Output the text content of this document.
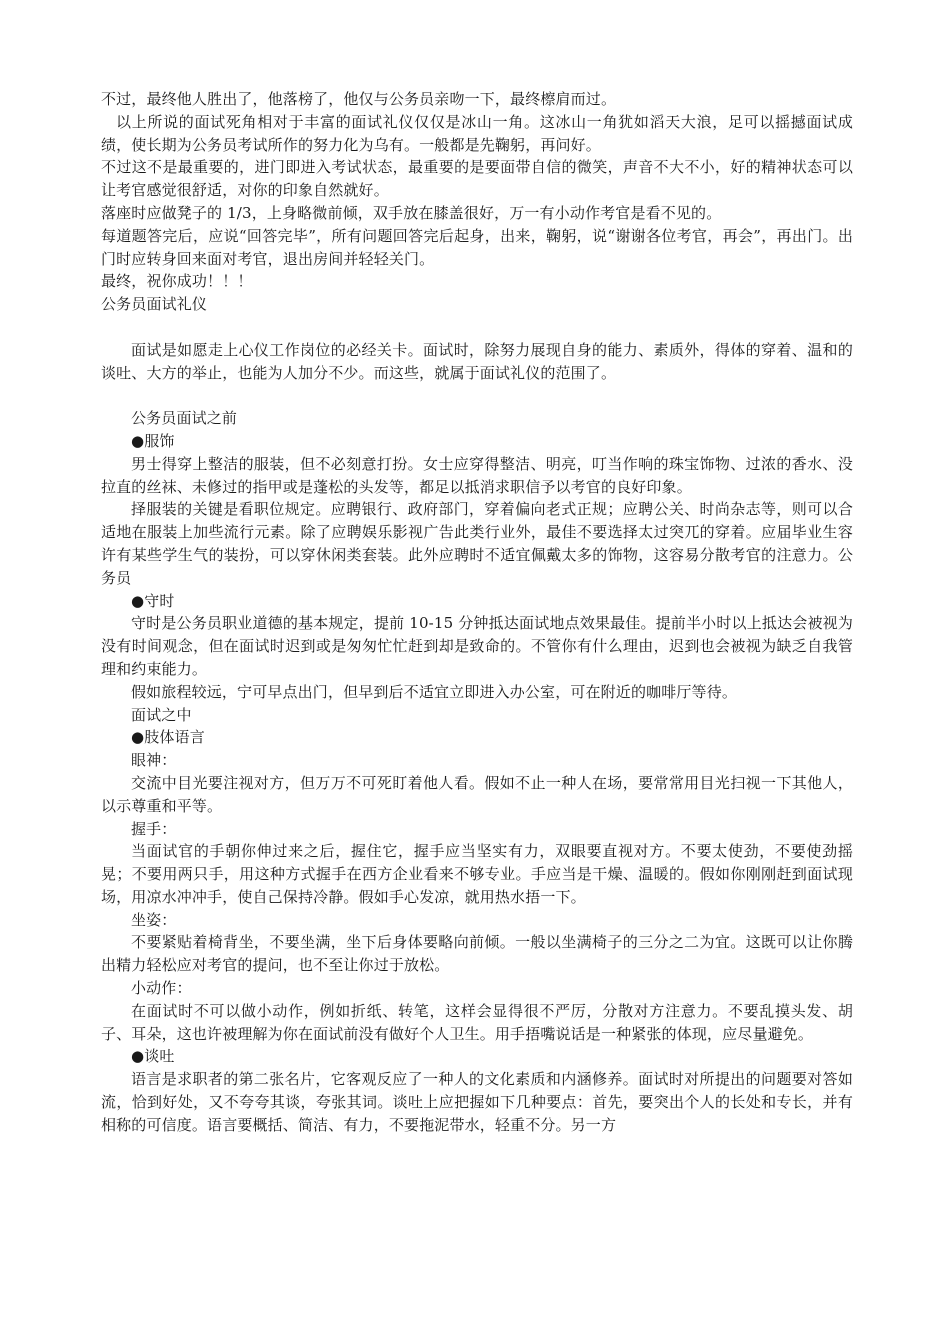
不过，最终他人胜出了，他落榜了，他仅与公务员亲吻一下，最终檫肩而过。

以上所说的面试死角相对于丰富的面试礼仪仅仅是冰山一角。这冰山一角犹如滔天大浪，足可以摇撼面试成绩，使长期为公务员考试所作的努力化为乌有。一般都是先鞠躬，再问好。

不过这不是最重要的，进门即进入考试状态，最重要的是要面带自信的微笑，声音不大不小，好的精神状态可以让考官感觉很舒适，对你的印象自然就好。

落座时应做凳子的 1/3，上身略微前倾，双手放在膝盖很好，万一有小动作考官是看不见的。

每道题答完后，应说“回答完毕”，所有问题回答完后起身，出来，鞠躬，说“谢谢各位考官，再会”，再出门。出门时应转身回来面对考官，退出房间并轻轻关门。

最终，祝你成功！！！

公务员面试礼仪

面试是如愿走上心仪工作岗位的必经关卡。面试时，除努力展现自身的能力、素质外，得体的穿着、温和的谈吐、大方的举止，也能为人加分不少。而这些，就属于面试礼仪的范围了。

公务员面试之前

●服饰

男士得穿上整洁的服装，但不必刻意打扮。女士应穿得整洁、明亮，叮当作响的珠宝饰物、过浓的香水、没拉直的丝袜、未修过的指甲或是蓬松的头发等，都足以抵消求职信予以考官的良好印象。

择服装的关键是看职位规定。应聘银行、政府部门，穿着偏向老式正规；应聘公关、时尚杂志等，则可以合适地在服装上加些流行元素。除了应聘娱乐影视广告此类行业外，最佳不要选择太过突兀的穿着。应届毕业生容许有某些学生气的装扮，可以穿休闲类套装。此外应聘时不适宜佩戴太多的饰物，这容易分散考官的注意力。公务员

●守时

守时是公务员职业道德的基本规定，提前 10-15 分钟抵达面试地点效果最佳。提前半小时以上抵达会被视为没有时间观念，但在面试时迟到或是匆匆忙忙赶到却是致命的。不管你有什么理由，迟到也会被视为缺乏自我管理和约束能力。

假如旅程较远，宁可早点出门，但早到后不适宜立即进入办公室，可在附近的咖啡厅等待。

面试之中

●肢体语言

眼神：

交流中目光要注视对方，但万万不可死盯着他人看。假如不止一种人在场，要常常用目光扫视一下其他人，以示尊重和平等。

握手：

当面试官的手朝你伸过来之后，握住它，握手应当坚实有力，双眼要直视对方。不要太使劲，不要使劲摇晃；不要用两只手，用这种方式握手在西方企业看来不够专业。手应当是干燥、温暖的。假如你刚刚赶到面试现场，用凉水冲冲手，使自己保持冷静。假如手心发凉，就用热水捂一下。

坐姿：

不要紧贴着椅背坐，不要坐满，坐下后身体要略向前倾。一般以坐满椅子的三分之二为宜。这既可以让你腾出精力轻松应对考官的提问，也不至让你过于放松。

小动作：

在面试时不可以做小动作，例如折纸、转笔，这样会显得很不严厉，分散对方注意力。不要乱摸头发、胡子、耳朵，这也许被理解为你在面试前没有做好个人卫生。用手捂嘴说话是一种紧张的体现，应尽量避免。

●谈吐

语言是求职者的第二张名片，它客观反应了一种人的文化素质和内涵修养。面试时对所提出的问题要对答如流，恰到好处，又不夸夸其谈，夸张其词。谈吐上应把握如下几种要点：首先，要突出个人的长处和专长，并有相称的可信度。语言要概括、简洁、有力，不要拖泥带水，轻重不分。另一方
